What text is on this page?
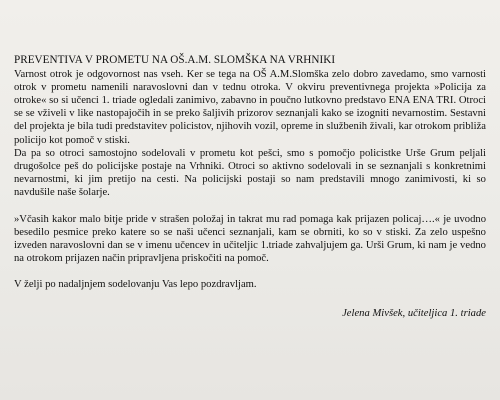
PREVENTIVA V PROMETU NA OŠ.A.M. SLOMŠKA NA VRHNIKI

Varnost otrok je odgovornost nas vseh. Ker se tega na OŠ A.M.Slomška zelo dobro zavedamo, smo varnosti otrok v prometu namenili naravoslovni dan v tednu otroka. V okviru preventivnega projekta »Policija za otroke« so si učenci 1. triade ogledali zanimivo, zabavno in poučno lutkovno predstavo ENA ENA TRI. Otroci se se vživeli v like nastopajočih in se preko šaljivih prizorov seznanjali kako se izogniti nevarnostim. Sestavni del projekta je bila tudi predstavitev policistov, njihovih vozil, opreme in službenih živali, kar otrokom približa policijo kot pomoč v stiski.

Da pa so otroci samostojno sodelovali v prometu kot pešci, smo s pomočjo policistke Urše Grum peljali drugošolce peš do policijske postaje na Vrhniki. Otroci so aktivno sodelovali in se seznanjali s konkretnimi nevarnostmi, ki jim pretijo na cesti. Na policijski postaji so nam predstavili mnogo zanimivosti, ki so navdušile naše šolarje.

»Včasih kakor malo bitje pride v strašen položaj in takrat mu rad pomaga kak prijazen policaj….« je uvodno besedilo pesmice preko katere so se naši učenci seznanjali, kam se obrniti, ko so v stiski. Za zelo uspešno izveden naravoslovni dan se v imenu učencev in učiteljic 1.triade zahvaljujem ga. Urši Grum, ki nam je vedno na otrokom prijazen način pripravljena priskočiti na pomoč.

V želji po nadaljnjem sodelovanju Vas lepo pozdravljam.

Jelena Mivšek, učiteljica 1. triade
